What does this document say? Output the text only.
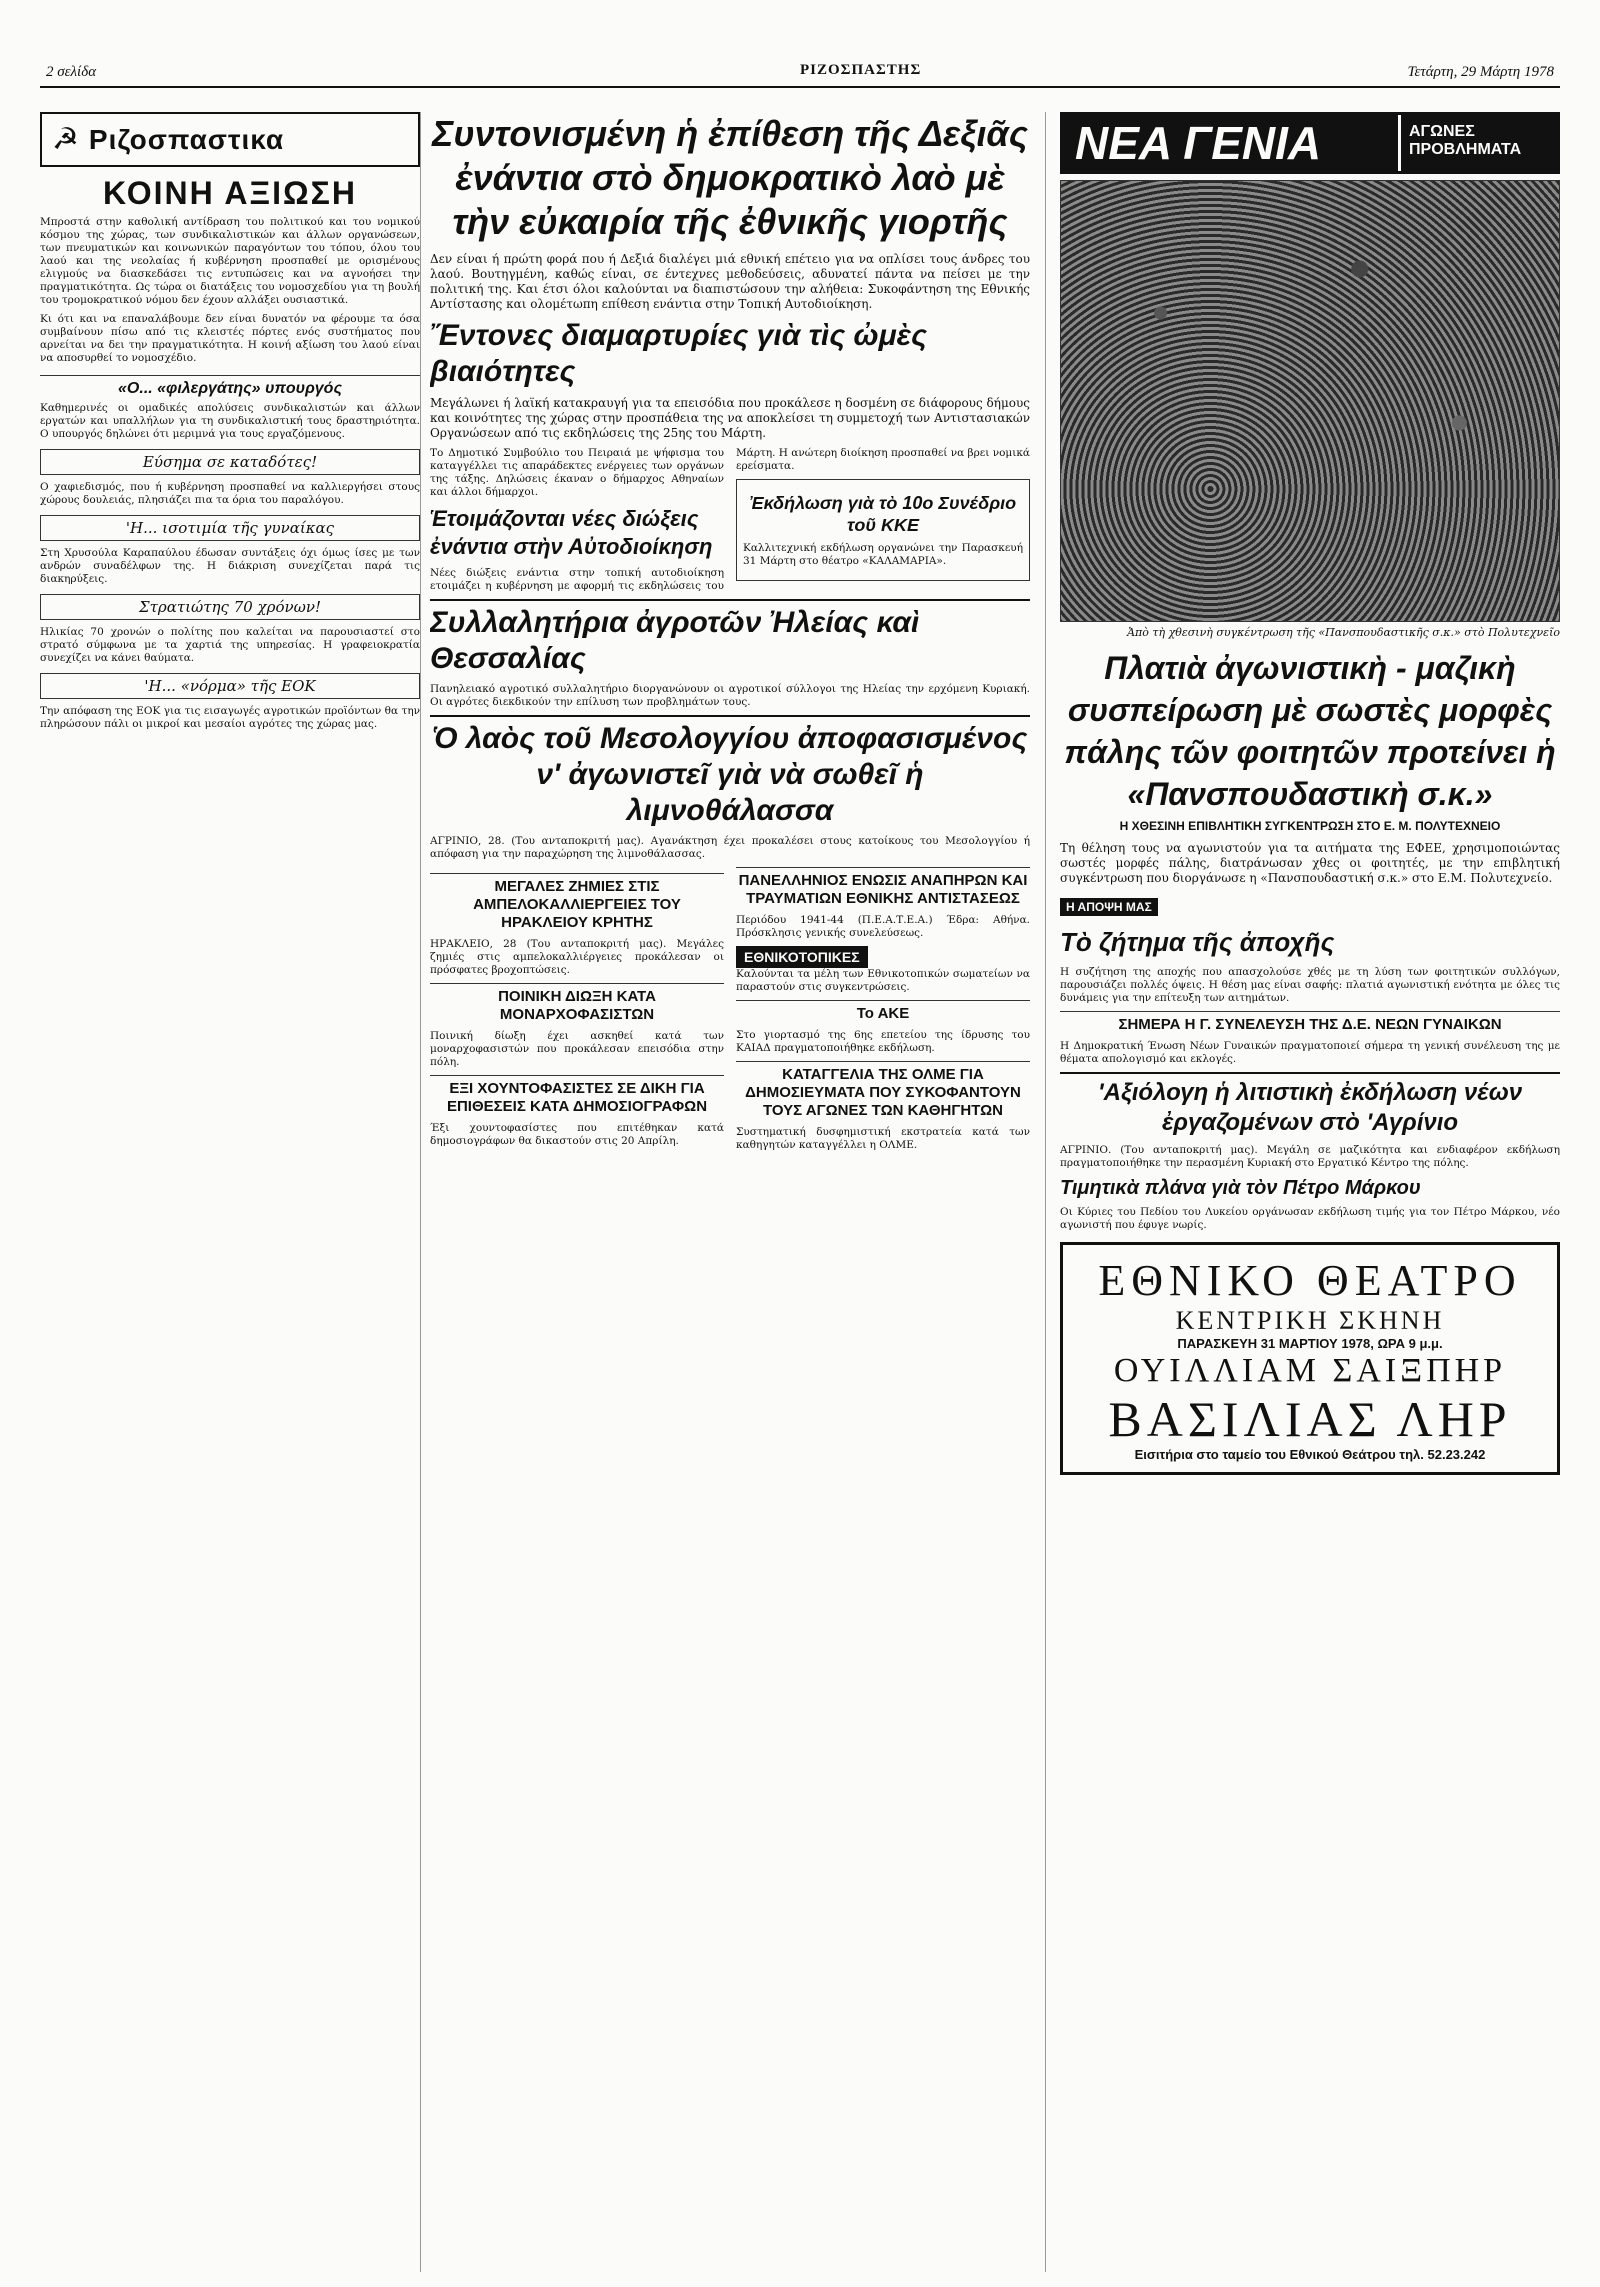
2 σελίδα	ΡΙΖΟΣΠΑΣΤΗΣ	Τετάρτη, 29 Μάρτη 1978
☭ Ριζοσπαστικα
ΚΟΙΝΗ ΑΞΙΩΣΗ

Μπροστά στην καθολική αντίδραση του πολιτικού και του νομικού κόσμου της χώρας, των συνδικαλιστικών και άλλων οργανώσεων, των πνευματικών και κοινωνικών παραγόντων του τόπου, όλου του λαού και της νεολαίας ή κυβέρνηση προσπαθεί με ορισμένους ελιγμούς να διασκεδάσει τις εντυπώσεις και να αγνοήσει την πραγματικότητα. Ως τώρα οι διατάξεις του νομοσχεδίου για τη βουλή του τρομοκρατικού νόμου δεν έχουν αλλάξει ουσιαστικά.

Κι ότι και να επαναλάβουμε δεν είναι δυνατόν να φέρουμε τα όσα συμβαίνουν πίσω από τις κλειστές πόρτες ενός συστήματος που αρνείται να δει την πραγματικότητα. Η κοινή αξίωση του λαού είναι να αποσυρθεί το νομοσχέδιο.

«Ο... «φιλεργάτης» υπουργός

Καθημερινές οι ομαδικές απολύσεις συνδικαλιστών και άλλων εργατών και υπαλλήλων για τη συνδικαλιστική τους δραστηριότητα. Ο υπουργός δηλώνει ότι μεριμνά για τους εργαζόμενους.

Εύσημα σε καταδότες!

Ο χαφιεδισμός, που ή κυβέρνηση προσπαθεί να καλλιεργήσει στους χώρους δουλειάς, πλησιάζει πια τα όρια του παραλόγου.

'Η... ισοτιμία τῆς γυναίκας

Στη Χρυσούλα Καραπαύλου έδωσαν συντάξεις όχι όμως ίσες με των ανδρών συναδέλφων της. Η διάκριση συνεχίζεται παρά τις διακηρύξεις.

Στρατιώτης 70 χρόνων!

Ηλικίας 70 χρονών ο πολίτης που καλείται να παρουσιαστεί στο στρατό σύμφωνα με τα χαρτιά της υπηρεσίας. Η γραφειοκρατία συνεχίζει να κάνει θαύματα.

'Η... «νόρμα» τῆς ΕΟΚ

Την απόφαση της ΕΟΚ για τις εισαγωγές αγροτικών προϊόντων θα την πληρώσουν πάλι οι μικροί και μεσαίοι αγρότες της χώρας μας.

Συντονισμένη ἡ ἐπίθεση τῆς Δεξιᾶς ἐνάντια στὸ δημοκρατικὸ λαὸ μὲ τὴν εὐκαιρία τῆς ἐθνικῆς γιορτῆς

Δεν είναι ή πρώτη φορά που ή Δεξιά διαλέγει μιά εθνική επέτειο για να οπλίσει τους άνδρες του λαού. Βουτηγμένη, καθώς είναι, σε έντεχνες μεθοδεύσεις, αδυνατεί πάντα να πείσει με την πολιτική της. Και έτσι όλοι καλούνται να διαπιστώσουν την αλήθεια: Συκοφάντηση της Εθνικής Αντίστασης και ολομέτωπη επίθεση ενάντια στην Τοπική Αυτοδιοίκηση.

Ἔντονες διαμαρτυρίες γιὰ τὶς ὠμὲς βιαιότητες

Μεγάλωνει ή λαϊκή κατακραυγή για τα επεισόδια που προκάλεσε η δοσμένη σε διάφορους δήμους και κοινότητες της χώρας στην προσπάθεια της να αποκλείσει τη συμμετοχή των Αντιστασιακών Οργανώσεων από τις εκδηλώσεις της 25ης του Μάρτη.

Το Δημοτικό Συμβούλιο του Πειραιά με ψήφισμα του καταγγέλλει τις απαράδεκτες ενέργειες των οργάνων της τάξης. Δηλώσεις έκαναν ο δήμαρχος Αθηναίων και άλλοι δήμαρχοι.

Ἑτοιμάζονται νέες διώξεις ἐνάντια στὴν Αὐτοδιοίκηση

Νέες διώξεις ενάντια στην τοπική αυτοδιοίκηση ετοιμάζει η κυβέρνηση με αφορμή τις εκδηλώσεις του Μάρτη. Η ανώτερη διοίκηση προσπαθεί να βρει νομικά ερείσματα.

Ἐκδήλωση γιὰ τὸ 10ο Συνέδριο τοῦ ΚΚΕ

Καλλιτεχνική εκδήλωση οργανώνει την Παρασκευή 31 Μάρτη στο θέατρο «ΚΑΛΑΜΑΡΙΑ».

Συλλαλητήρια ἀγροτῶν Ἠλείας καὶ Θεσσαλίας

Πανηλειακό αγροτικό συλλαλητήριο διοργανώνουν οι αγροτικοί σύλλογοι της Ηλείας την ερχόμενη Κυριακή. Οι αγρότες διεκδικούν την επίλυση των προβλημάτων τους.

Ὁ λαὸς τοῦ Μεσολογγίου ἀποφασισμένος ν' ἀγωνιστεῖ γιὰ νὰ σωθεῖ ἡ λιμνοθάλασσα

ΑΓΡΙΝΙΟ, 28. (Του ανταποκριτή μας). Αγανάκτηση έχει προκαλέσει στους κατοίκους του Μεσολογγίου ή απόφαση για την παραχώρηση της λιμνοθάλασσας.

ΜΕΓΑΛΕΣ ΖΗΜΙΕΣ ΣΤΙΣ ΑΜΠΕΛΟΚΑΛΛΙΕΡΓΕΙΕΣ ΤΟΥ ΗΡΑΚΛΕΙΟΥ ΚΡΗΤΗΣ

ΗΡΑΚΛΕΙΟ, 28 (Του ανταποκριτή μας). Μεγάλες ζημιές στις αμπελοκαλλιέργειες προκάλεσαν οι πρόσφατες βροχοπτώσεις.

ΠΟΙΝΙΚΗ ΔΙΩΞΗ ΚΑΤΑ ΜΟΝΑΡΧΟΦΑΣΙΣΤΩΝ

Ποινική δίωξη έχει ασκηθεί κατά των μοναρχοφασιστών που προκάλεσαν επεισόδια στην πόλη.

ΕΞΙ ΧΟΥΝΤΟΦΑΣΙΣΤΕΣ ΣΕ ΔΙΚΗ ΓΙΑ ΕΠΙΘΕΣΕΙΣ ΚΑΤΑ ΔΗΜΟΣΙΟΓΡΑΦΩΝ

Έξι χουντοφασίστες που επιτέθηκαν κατά δημοσιογράφων θα δικαστούν στις 20 Απρίλη.

ΠΑΝΕΛΛΗΝΙΟΣ ΕΝΩΣΙΣ ΑΝΑΠΗΡΩΝ ΚΑΙ ΤΡΑΥΜΑΤΙΩΝ ΕΘΝΙΚΗΣ ΑΝΤΙΣΤΑΣΕΩΣ

Περιόδου 1941-44 (Π.Ε.Α.Τ.Ε.Α.) Έδρα: Αθήνα. Πρόσκλησις γενικής συνελεύσεως.

ΕΘΝΙΚΟΤΟΠΙΚΕΣ

Καλούνται τα μέλη των Εθνικοτοπικών σωματείων να παραστούν στις συγκεντρώσεις.

Το ΑΚΕ

Στο γιορτασμό της 6ης επετείου της ίδρυσης του ΚΑΙΑΔ πραγματοποιήθηκε εκδήλωση.

ΚΑΤΑΓΓΕΛΙΑ ΤΗΣ ΟΛΜΕ ΓΙΑ ΔΗΜΟΣΙΕΥΜΑΤΑ ΠΟΥ ΣΥΚΟΦΑΝΤΟΥΝ ΤΟΥΣ ΑΓΩΝΕΣ ΤΩΝ ΚΑΘΗΓΗΤΩΝ

Συστηματική δυσφημιστική εκστρατεία κατά των καθηγητών καταγγέλλει η ΟΛΜΕ.

ΝΕΑ ΓΕΝΙΑ	ΑΓΩΝΕΣ ΠΡΟΒΛΗΜΑΤΑ
Ἀπὸ τὴ χθεσινὴ συγκέντρωση τῆς «Πανσπουδαστικῆς σ.κ.» στὸ Πολυτεχνεῖο
Πλατιὰ ἀγωνιστικὴ - μαζικὴ συσπείρωση μὲ σωστὲς μορφὲς πάλης τῶν φοιτητῶν προτείνει ἡ «Πανσπουδαστικὴ σ.κ.»
Η ΧΘΕΣΙΝΗ ΕΠΙΒΛΗΤΙΚΗ ΣΥΓΚΕΝΤΡΩΣΗ ΣΤΟ Ε. Μ. ΠΟΛΥΤΕΧΝΕΙΟ

Τη θέληση τους να αγωνιστούν για τα αιτήματα της ΕΦΕΕ, χρησιμοποιώντας σωστές μορφές πάλης, διατράνωσαν χθες οι φοιτητές, με την επιβλητική συγκέντρωση που διοργάνωσε η «Πανσπουδαστική σ.κ.» στο Ε.Μ. Πολυτεχνείο.

Η ΑΠΟΨΗ ΜΑΣ
Τὸ ζήτημα τῆς ἀποχῆς

Η συζήτηση της αποχής που απασχολούσε χθές με τη λύση των φοιτητικών συλλόγων, παρουσιάζει πολλές όψεις. Η θέση μας είναι σαφής: πλατιά αγωνιστική ενότητα με όλες τις δυνάμεις για την επίτευξη των αιτημάτων.

ΣΗΜΕΡΑ Η Γ. ΣΥΝΕΛΕΥΣΗ ΤΗΣ Δ.Ε. ΝΕΩΝ ΓΥΝΑΙΚΩΝ

Η Δημοκρατική Ένωση Νέων Γυναικών πραγματοποιεί σήμερα τη γενική συνέλευση της με θέματα απολογισμό και εκλογές.

'Αξιόλογη ἡ λιτιστικὴ ἐκδήλωση νέων ἐργαζομένων στὸ 'Αγρίνιο

ΑΓΡΙΝΙΟ. (Του ανταποκριτή μας). Μεγάλη σε μαζικότητα και ενδιαφέρον εκδήλωση πραγματοποιήθηκε την περασμένη Κυριακή στο Εργατικό Κέντρο της πόλης.

Τιμητικὰ πλάνα γιὰ τὸν Πέτρο Μάρκου

Οι Κύριες του Πεδίου του Λυκείου οργάνωσαν εκδήλωση τιμής για τον Πέτρο Μάρκου, νέο αγωνιστή που έφυγε νωρίς.

ΕΘΝΙΚΟ ΘΕΑΤΡΟ
ΚΕΝΤΡΙΚΗ ΣΚΗΝΗ
ΠΑΡΑΣΚΕΥΗ 31 ΜΑΡΤΙΟΥ 1978, ΩΡΑ 9 μ.μ.
ΟΥΙΛΛΙΑΜ ΣΑΙΞΠΗΡ
ΒΑΣΙΛΙΑΣ ΛΗΡ
Εισιτήρια στο ταμείο του Εθνικού Θεάτρου τηλ. 52.23.242
